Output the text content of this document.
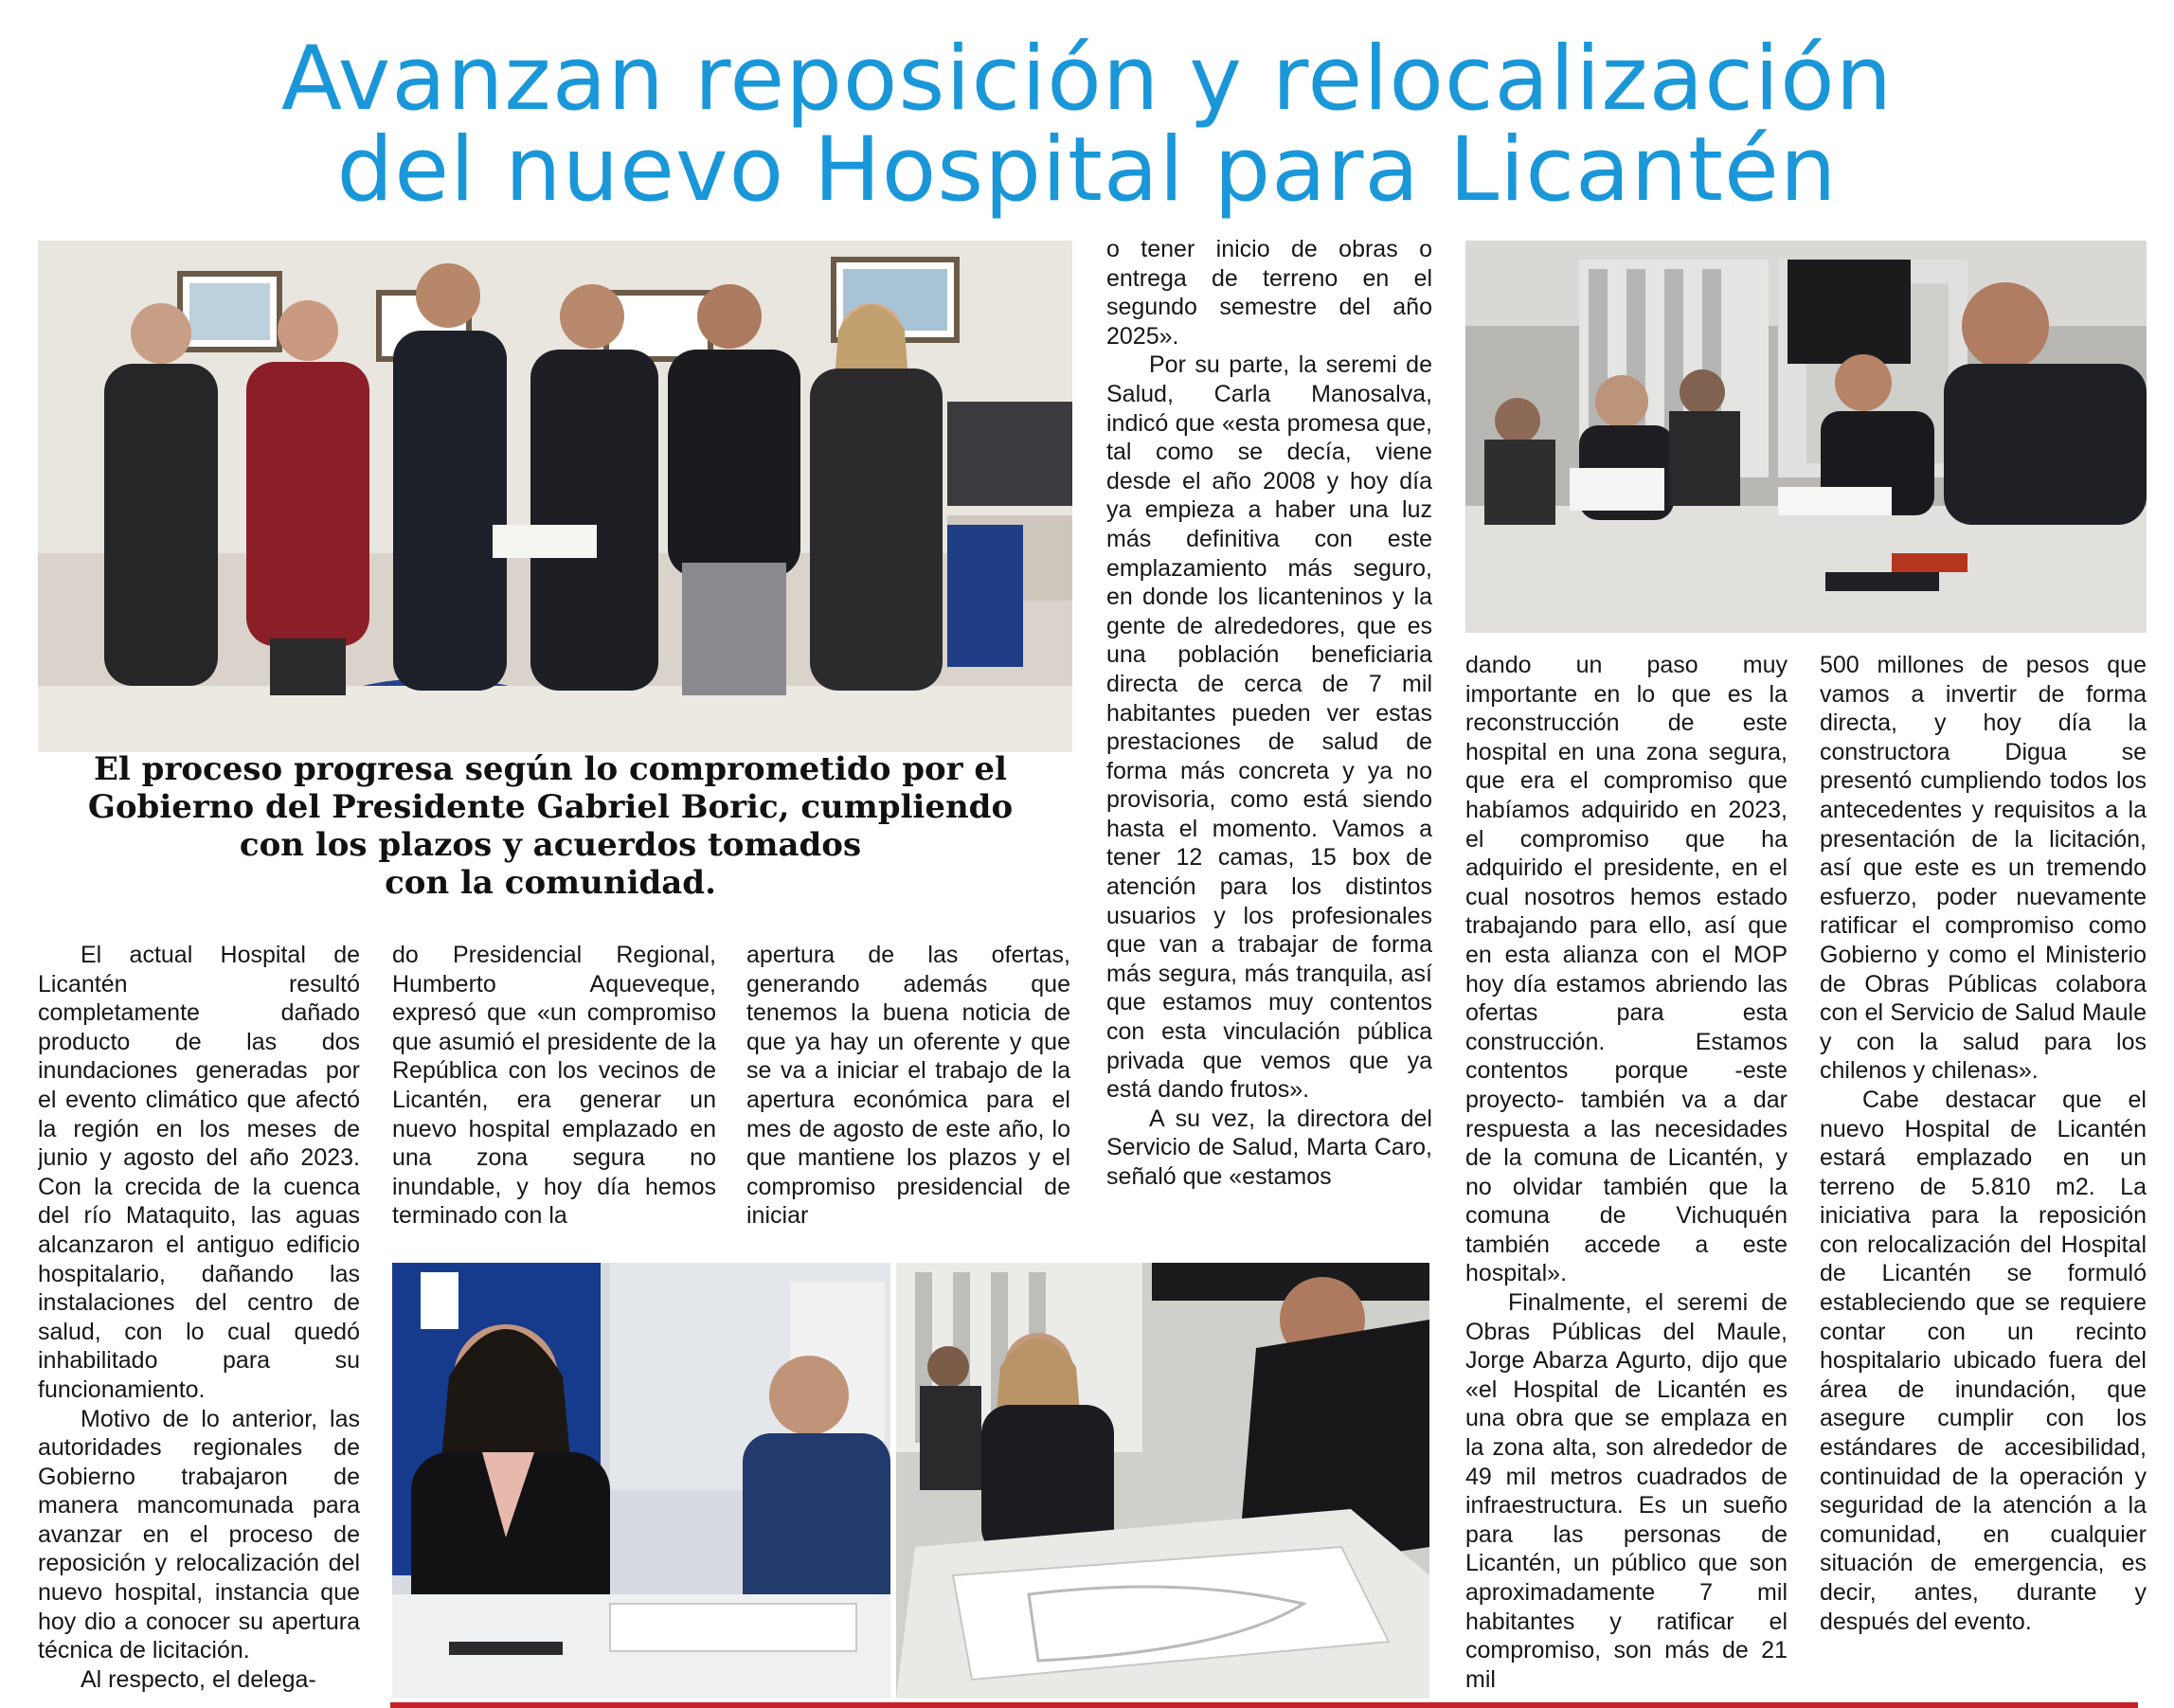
Avanzan reposición y relocalización
del nuevo Hospital para Licantén
El proceso progresa según lo comprometido por el
Gobierno del Presidente Gabriel Boric, cumpliendo
con los plazos y acuerdos tomados
con la comunidad.

El actual Hospital de Licantén resultó completamente dañado producto de las dos inundaciones generadas por el evento climático que afectó la región en los meses de junio y agosto del año 2023. Con la crecida de la cuenca del río Mataquito, las aguas alcanzaron el antiguo edificio hospitalario, dañando las instalaciones del centro de salud, con lo cual quedó inhabilitado para su funcionamiento.

Motivo de lo anterior, las autoridades regionales de Gobierno trabajaron de manera mancomunada para avanzar en el proceso de reposición y relocalización del nuevo hospital, instancia que hoy dio a conocer su apertura técnica de licitación.

Al respecto, el delega-

do Presidencial Regional, Humberto Aqueveque, expresó que «un compromiso que asumió el presidente de la República con los vecinos de Licantén, era generar un nuevo hospital emplazado en una zona segura no inundable, y hoy día hemos terminado con la

apertura de las ofertas, generando además que tenemos la buena noticia de que ya hay un oferente y que se va a iniciar el trabajo de la apertura económica para el mes de agosto de este año, lo que mantiene los plazos y el compromiso presidencial de iniciar

o tener inicio de obras o entrega de terreno en el segundo semestre del año 2025».

Por su parte, la seremi de Salud, Carla Manosalva, indicó que «esta promesa que, tal como se decía, viene desde el año 2008 y hoy día ya empieza a haber una luz más definitiva con este emplazamiento más seguro, en donde los licanteninos y la gente de alrededores, que es una población beneficiaria directa de cerca de 7 mil habitantes pueden ver estas prestaciones de salud de forma más concreta y ya no provisoria, como está siendo hasta el momento. Vamos a tener 12 camas, 15 box de atención para los distintos usuarios y los profesionales que van a trabajar de forma más segura, más tranquila, así que estamos muy contentos con esta vinculación pública privada que vemos que ya está dando frutos».

A su vez, la directora del Servicio de Salud, Marta Caro, señaló que «estamos

dando un paso muy importante en lo que es la reconstrucción de este hospital en una zona segura, que era el compromiso que habíamos adquirido en 2023, el compromiso que ha adquirido el presidente, en el cual nosotros hemos estado trabajando para ello, así que en esta alianza con el MOP hoy día estamos abriendo las ofertas para esta construcción. Estamos contentos porque -este proyecto- también va a dar respuesta a las necesidades de la comuna de Licantén, y no olvidar también que la comuna de Vichuquén también accede a este hospital».

Finalmente, el seremi de Obras Públicas del Maule, Jorge Abarza Agurto, dijo que «el Hospital de Licantén es una obra que se emplaza en la zona alta, son alrededor de 49 mil metros cuadrados de infraestructura. Es un sueño para las personas de Licantén, un público que son aproximadamente 7 mil habitantes y ratificar el compromiso, son más de 21 mil

500 millones de pesos que vamos a invertir de forma directa, y hoy día la constructora Digua se presentó cumpliendo todos los antecedentes y requisitos a la presentación de la licitación, así que este es un tremendo esfuerzo, poder nuevamente ratificar el compromiso como Gobierno y como el Ministerio de Obras Públicas colabora con el Servicio de Salud Maule y con la salud para los chilenos y chilenas».

Cabe destacar que el nuevo Hospital de Licantén estará emplazado en un terreno de 5.810 m2. La iniciativa para la reposición con relocalización del Hospital de Licantén se formuló estableciendo que se requiere contar con un recinto hospitalario ubicado fuera del área de inundación, que asegure cumplir con los estándares de accesibilidad, continuidad de la operación y seguridad de la atención a la comunidad, en cualquier situación de emergencia, es decir, antes, durante y después del evento.
